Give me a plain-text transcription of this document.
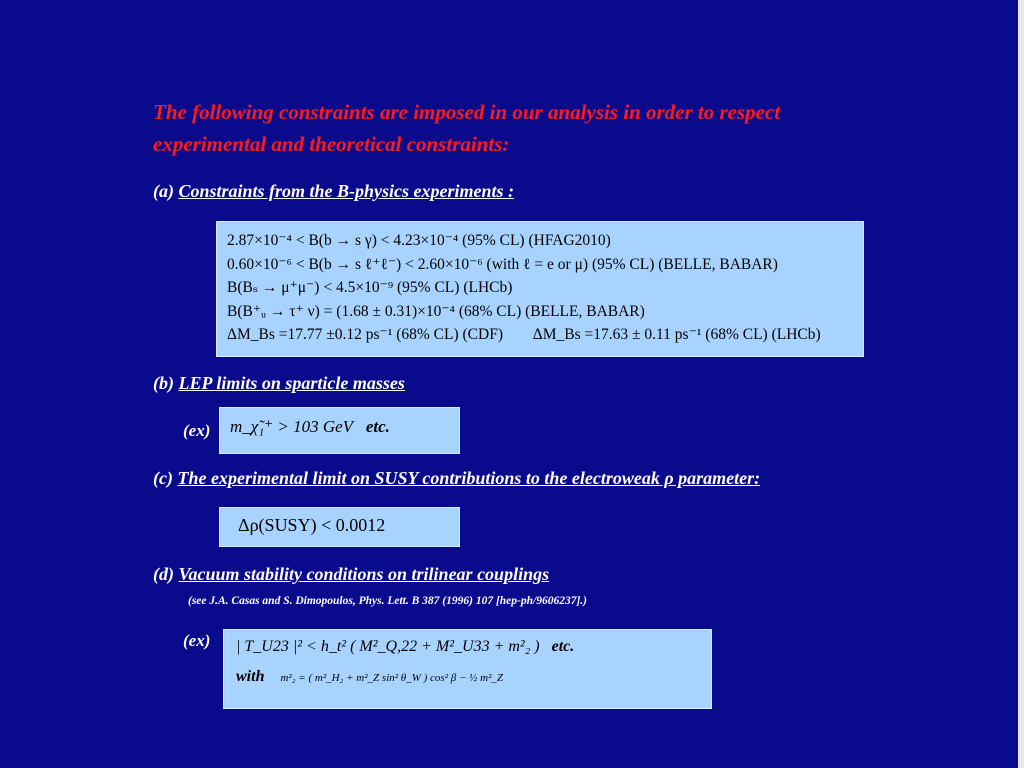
The following constraints are imposed in our analysis in order to respect experimental and theoretical constraints:
(a) Constraints from the B-physics experiments :
2.87×10⁻⁴ < B(b → s γ) < 4.23×10⁻⁴ (95% CL) (HFAG2010)
0.60×10⁻⁶ < B(b → s ℓ⁺ℓ⁻) < 2.60×10⁻⁶ (with ℓ = e or μ) (95% CL) (BELLE, BABAR)
B(Bₛ → μ⁺μ⁻) < 4.5×10⁻⁹ (95% CL) (LHCb)
B(B⁺ᵤ → τ⁺ ν) = (1.68 ± 0.31)×10⁻⁴ (68% CL) (BELLE, BABAR)
ΔM_Bs =17.77 ±0.12 ps⁻¹ (68% CL) (CDF) ΔM_Bs =17.63 ± 0.11 ps⁻¹ (68% CL) (LHCb)
(b) LEP limits on sparticle masses
(ex)	m_χ̃₁⁺ > 103 GeV etc.
(c) The experimental limit on SUSY contributions to the electroweak ρ parameter:
Δρ(SUSY) < 0.0012
(d) Vacuum stability conditions on trilinear couplings
(see J.A. Casas and S. Dimopoulos, Phys. Lett. B 387 (1996) 107 [hep-ph/9606237].)
(ex) | T_U23 |² < h_t² ( M²_Q,22 + M²_U33 + m²₂ ) etc.
with m²₂ = ( m²_H₂ + m²_Z sin² θ_W ) cos² β − ½ m²_Z
